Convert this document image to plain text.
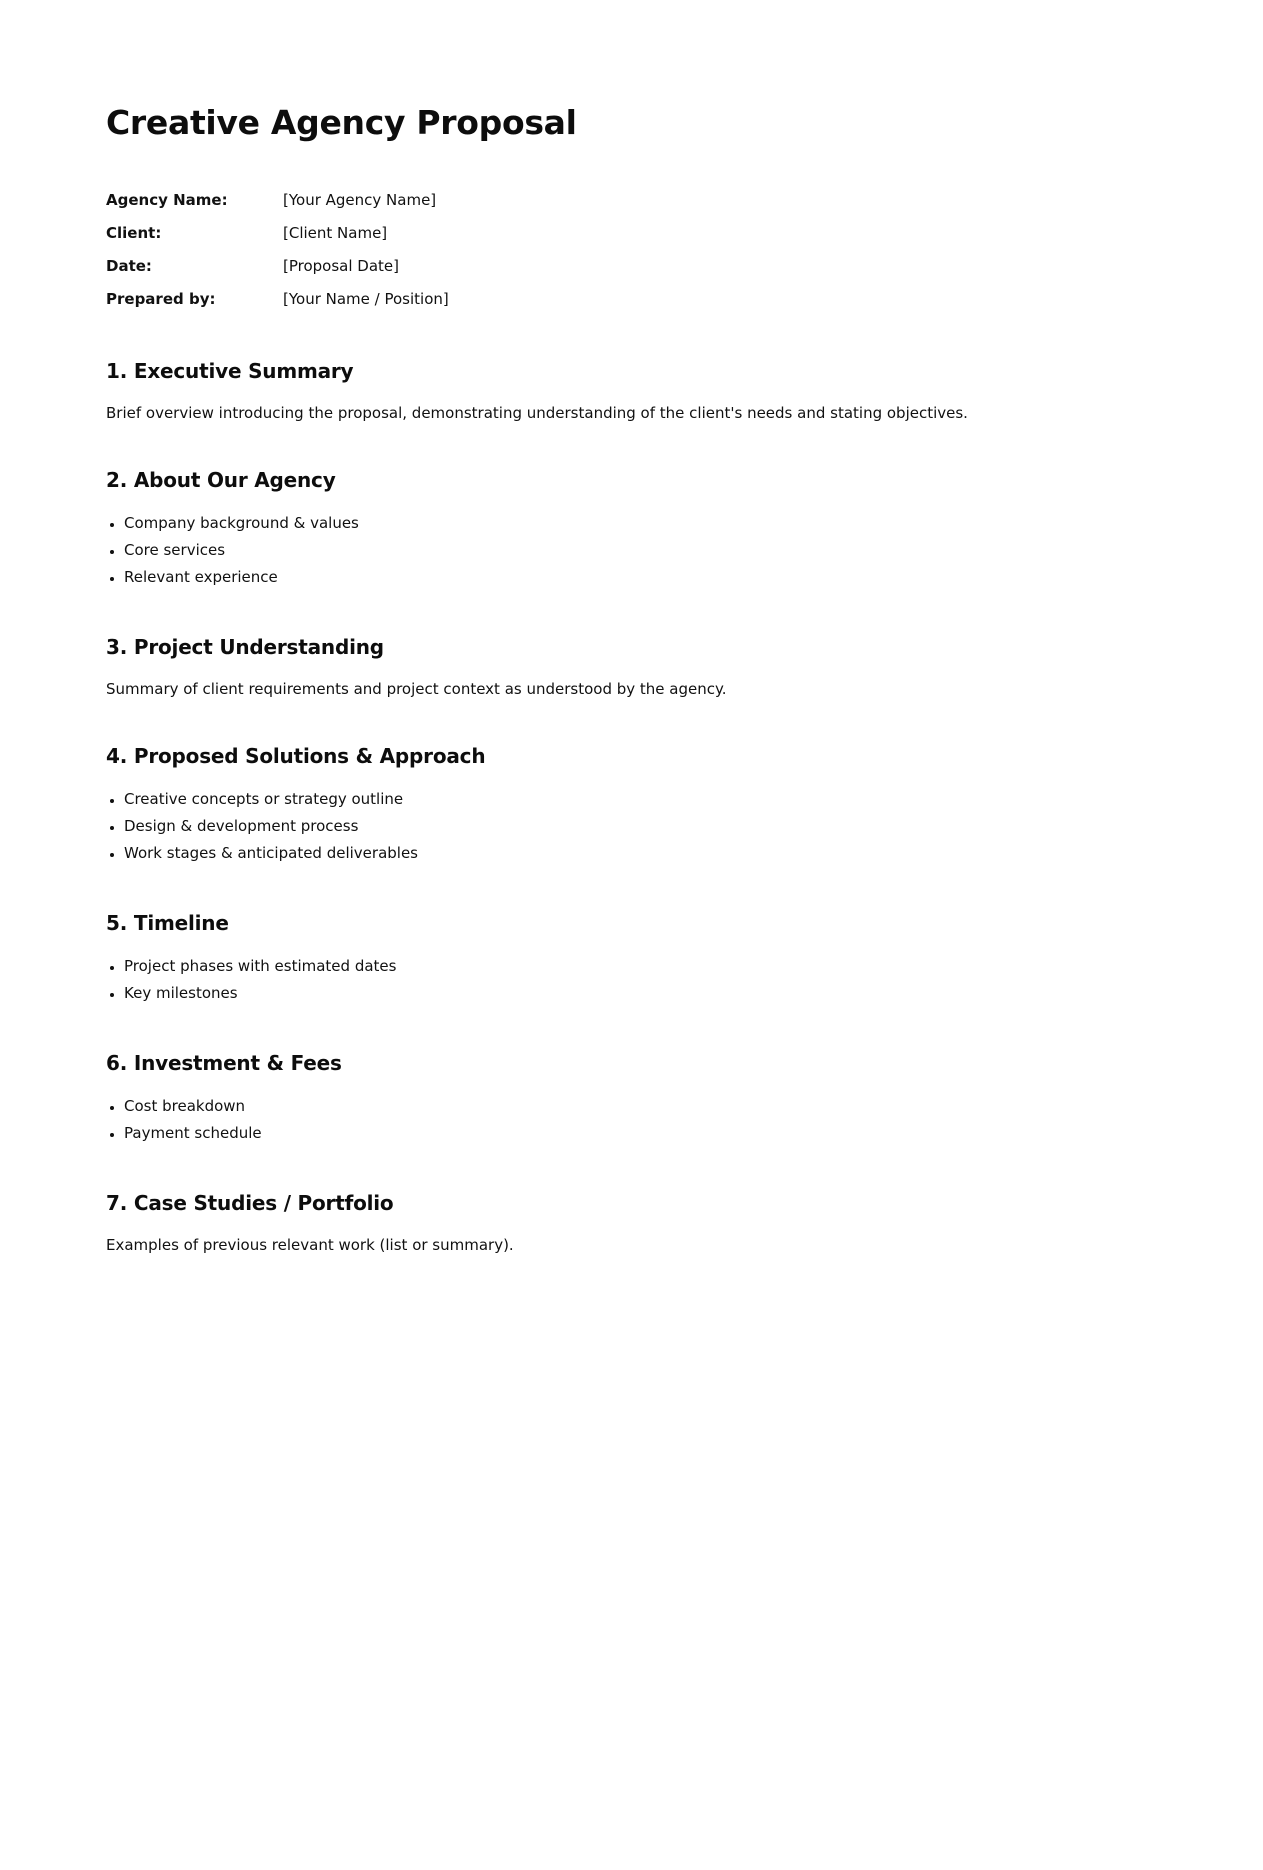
Creative Agency Proposal
Agency Name:	[Your Agency Name]
Client:	[Client Name]
Date:	[Proposal Date]
Prepared by:	[Your Name / Position]
1. Executive Summary

Brief overview introducing the proposal, demonstrating understanding of the client's needs and stating objectives.

2. About Our Agency
• Company background & values
• Core services
• Relevant experience
3. Project Understanding

Summary of client requirements and project context as understood by the agency.

4. Proposed Solutions & Approach
• Creative concepts or strategy outline
• Design & development process
• Work stages & anticipated deliverables
5. Timeline
• Project phases with estimated dates
• Key milestones
6. Investment & Fees
• Cost breakdown
• Payment schedule
7. Case Studies / Portfolio

Examples of previous relevant work (list or summary).
